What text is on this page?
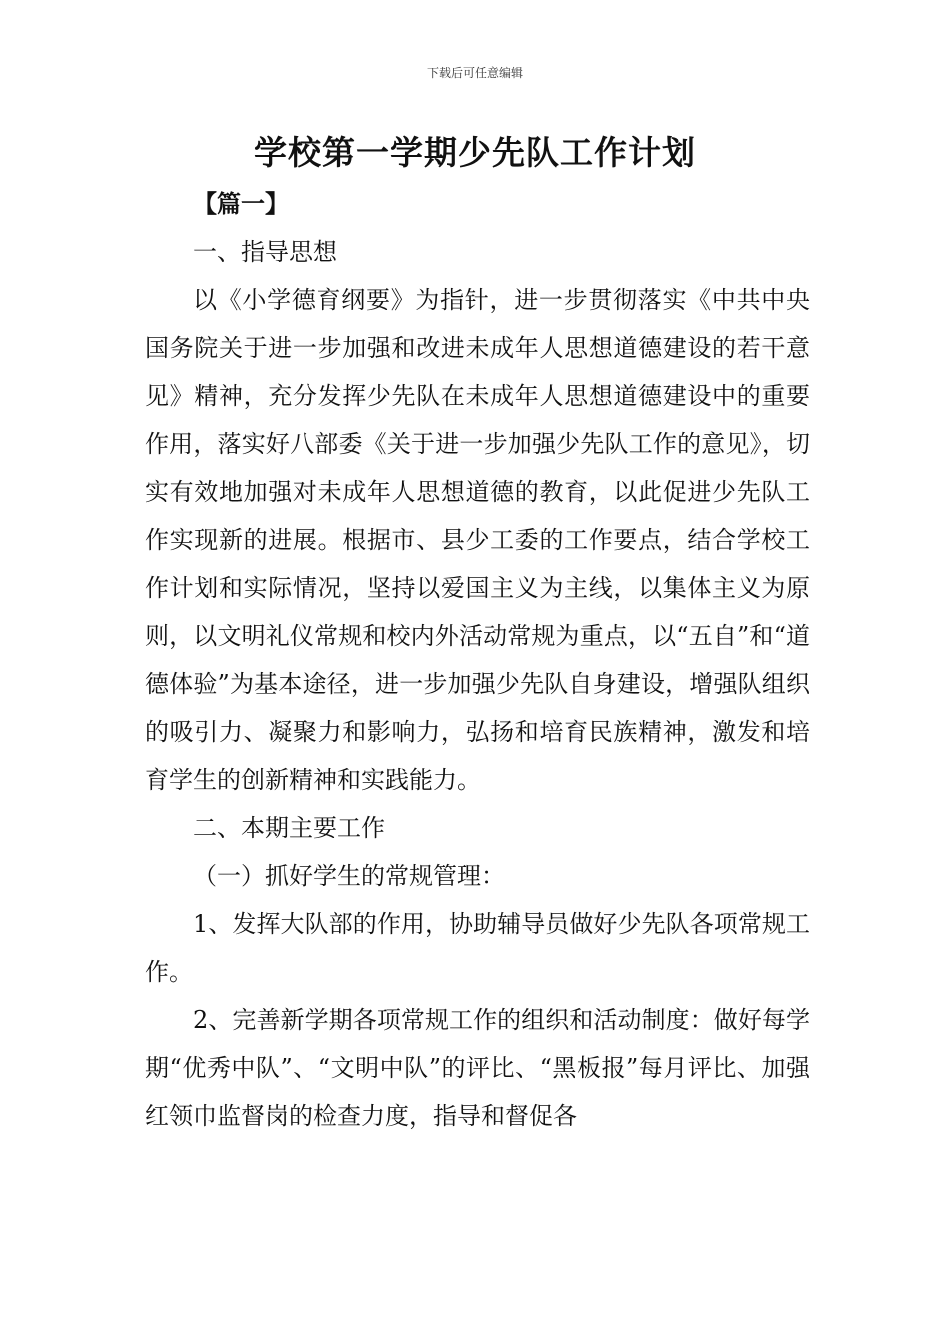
下载后可任意编辑
学校第一学期少先队工作计划

【篇一】

一、指导思想

以《小学德育纲要》为指针，进一步贯彻落实《中共中央国务院关于进一步加强和改进未成年人思想道德建设的若干意见》精神，充分发挥少先队在未成年人思想道德建设中的重要作用，落实好八部委《关于进一步加强少先队工作的意见》，切实有效地加强对未成年人思想道德的教育，以此促进少先队工作实现新的进展。根据市、县少工委的工作要点，结合学校工作计划和实际情况，坚持以爱国主义为主线，以集体主义为原则，以文明礼仪常规和校内外活动常规为重点，以“五自”和“道德体验”为基本途径，进一步加强少先队自身建设，增强队组织的吸引力、凝聚力和影响力，弘扬和培育民族精神，激发和培育学生的创新精神和实践能力。

二、本期主要工作

（一）抓好学生的常规管理：

1、发挥大队部的作用，协助辅导员做好少先队各项常规工作。

2、完善新学期各项常规工作的组织和活动制度：做好每学期“优秀中队”、“文明中队”的评比、“黑板报”每月评比、加强红领巾监督岗的检查力度，指导和督促各
